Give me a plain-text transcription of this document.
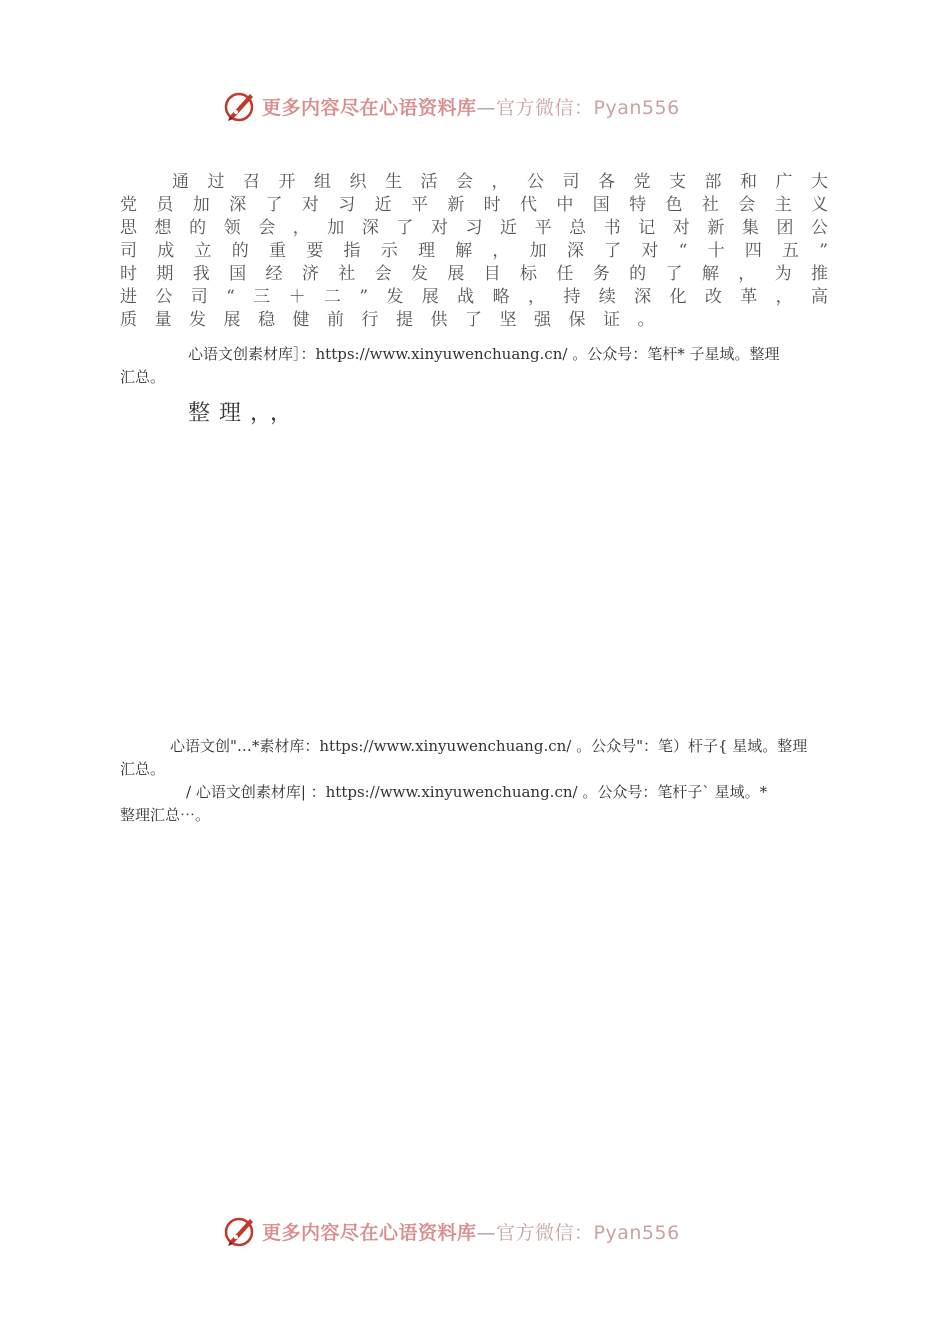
更多内容尽在心语资料库—官方微信：Pyan556
通过召开组织生活会，公司各党支部和广大
党员加深了对习近平新时代中国特色社会主义
思想的领会，加深了对习近平总书记对新集团公
司成立的重要指示理解，加深了对“十四五”
时期我国经济社会发展目标任务的了解，为推
进公司“三＋二”发展战略，持续深化改革，高
质量发展稳健前行提供了坚强保证。
心语文创素材库］：https://www.xinyuwenchuang.cn/ 。公众号：笔杆* 子星域。整理
汇总。
整理，，
心语文创"…*素材库：https://www.xinyuwenchuang.cn/ 。公众号"：笔）杆子{ 星域。整理
汇总。
/ 心语文创素材库| ：https://www.xinyuwenchuang.cn/ 。公众号：笔杆子` 星域。*
整理汇总⋯。
更多内容尽在心语资料库—官方微信：Pyan556
